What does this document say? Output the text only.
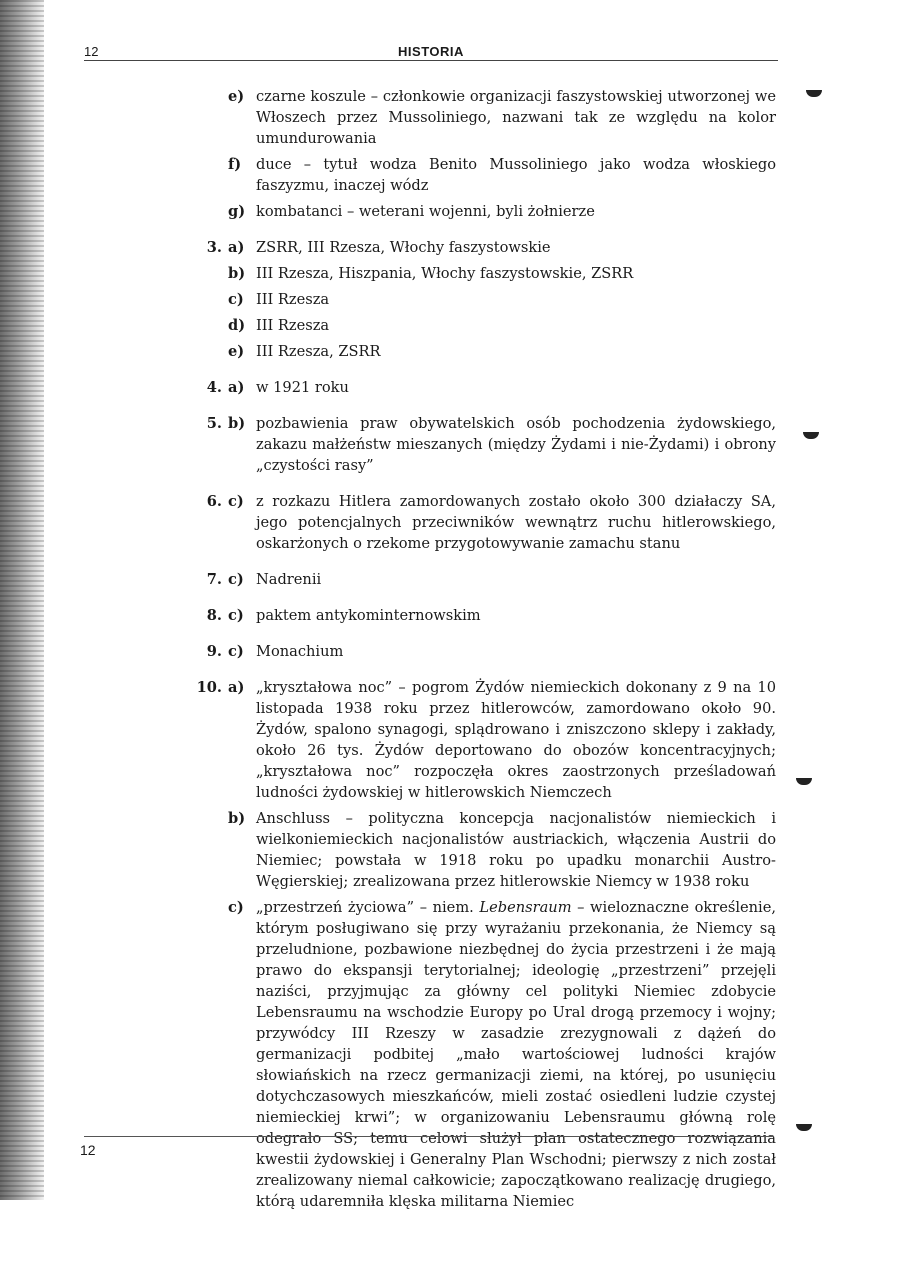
12	HISTORIA
e) czarne koszule – członkowie organizacji faszystowskiej utworzonej we Włoszech przez Mussoliniego, nazwani tak ze względu na kolor umundurowania
f)	duce – tytuł wodza Benito Mussoliniego jako wodza włoskiego faszyzmu, inaczej wódz
g) kombatanci – weterani wojenni, byli żołnierze
3. a) ZSRR, III Rzesza, Włochy faszystowskie
b) III Rzesza, Hiszpania, Włochy faszystowskie, ZSRR
c) III Rzesza
d) III Rzesza
e) III Rzesza, ZSRR
4. a) w 1921 roku
5. b) pozbawienia praw obywatelskich osób pochodzenia żydowskiego, zakazu małżeństw mieszanych (między Żydami i nie-Żydami) i obrony „czystości rasy”
6. c) z rozkazu Hitlera zamordowanych zostało około 300 działaczy SA, jego potencjalnych przeciwników wewnątrz ruchu hitlerowskiego, oskarżonych o rzekome przygotowywanie zamachu stanu
7. c) Nadrenii
8. c) paktem antykominternowskim
9. c) Monachium
10. a) „kryształowa noc” – pogrom Żydów niemieckich dokonany z 9 na 10 listopada 1938 roku przez hitlerowców, zamordowano około 90. Żydów, spalono synagogi, splądrowano i zniszczono sklepy i zakłady, około 26 tys. Żydów deportowano do obozów koncentracyjnych; „kryształowa noc” rozpoczęła okres zaostrzonych prześladowań ludności żydowskiej w hitlerowskich Niemczech
b) Anschluss – polityczna koncepcja nacjonalistów niemieckich i wielkoniemieckich nacjonalistów austriackich, włączenia Austrii do Niemiec; powstała w 1918 roku po upadku monarchii Austro-Węgierskiej; zrealizowana przez hitlerowskie Niemcy w 1938 roku
c) „przestrzeń życiowa” – niem. Lebensraum – wieloznaczne określenie, którym posługiwano się przy wyrażaniu przekonania, że Niemcy są przeludnione, pozbawione niezbędnej do życia przestrzeni i że mają prawo do ekspansji terytorialnej; ideologię „przestrzeni” przejęli naziści, przyjmując za główny cel polityki Niemiec zdobycie Lebensraumu na wschodzie Europy po Ural drogą przemocy i wojny; przywódcy III Rzeszy w zasadzie zrezygnowali z dążeń do germanizacji podbitej „mało wartościowej ludności krajów słowiańskich na rzecz germanizacji ziemi, na której, po usunięciu dotychczasowych mieszkańców, mieli zostać osiedleni ludzie czystej niemieckiej krwi”; w organizowaniu Lebensraumu główną rolę odegrało SS; temu celowi służył plan ostatecznego rozwiązania kwestii żydowskiej i Generalny Plan Wschodni; pierwszy z nich został zrealizowany niemal całkowicie; zapoczątkowano realizację drugiego, którą udaremniła klęska militarna Niemiec
12
